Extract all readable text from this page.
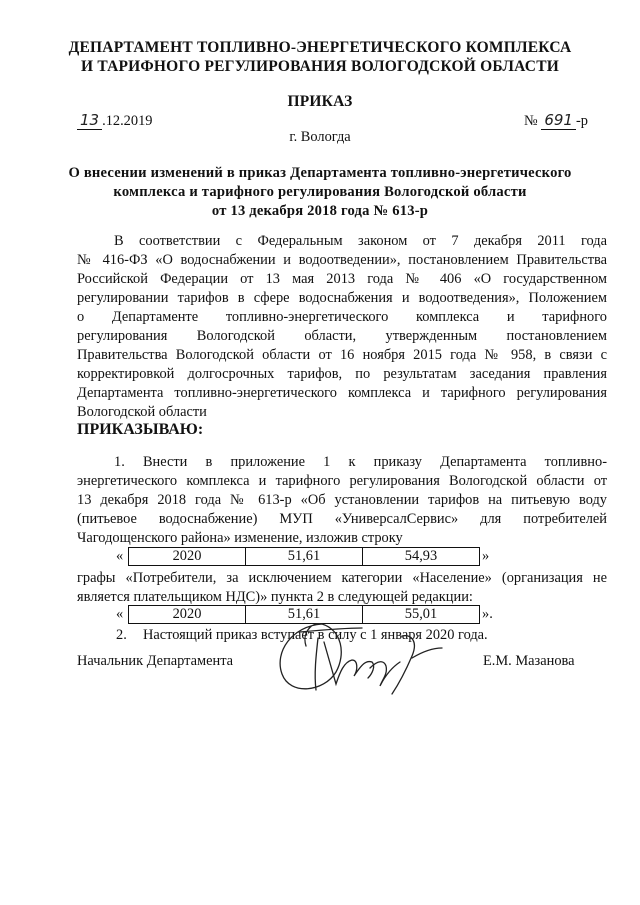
ДЕПАРТАМЕНТ ТОПЛИВНО-ЭНЕРГЕТИЧЕСКОГО КОМПЛЕКСА
И ТАРИФНОГО РЕГУЛИРОВАНИЯ ВОЛОГОДСКОЙ ОБЛАСТИ
ПРИКАЗ
13 .12.2019	№ 691 -р
г. Вологда
О внесении изменений в приказ Департамента топливно-энергетического
комплекса и тарифного регулирования Вологодской области
от 13 декабря 2018 года № 613-р
В соответствии с Федеральным законом от 7 декабря 2011 года
№ 416-ФЗ «О водоснабжении и водоотведении», постановлением Правительства
Российской Федерации от 13 мая 2013 года № 406 «О государственном
регулировании тарифов в сфере водоснабжения и водоотведения», Положением
о Департаменте топливно-энергетического комплекса и тарифного
регулирования Вологодской области, утвержденным постановлением
Правительства Вологодской области от 16 ноября 2015 года № 958, в связи с
корректировкой долгосрочных тарифов, по результатам заседания правления
Департамента топливно-энергетического комплекса и тарифного регулирования
Вологодской области
ПРИКАЗЫВАЮ:
1. Внести в приложение 1 к приказу Департамента топливно-
энергетического комплекса и тарифного регулирования Вологодской области от
13 декабря 2018 года № 613-р «Об установлении тарифов на питьевую воду
(питьевое водоснабжение) МУП «УниверсалСервис» для потребителей
Чагодощенского района» изменение, изложив строку
«	2020	51,61	54,93	»
графы «Потребители, за исключением категории «Население» (организация не
является плательщиком НДС)» пункта 2 в следующей редакции:
«	2020	51,61	55,01	».
2. Настоящий приказ вступает в силу с 1 января 2020 года.
Начальник Департамента	Е.М. Мазанова
